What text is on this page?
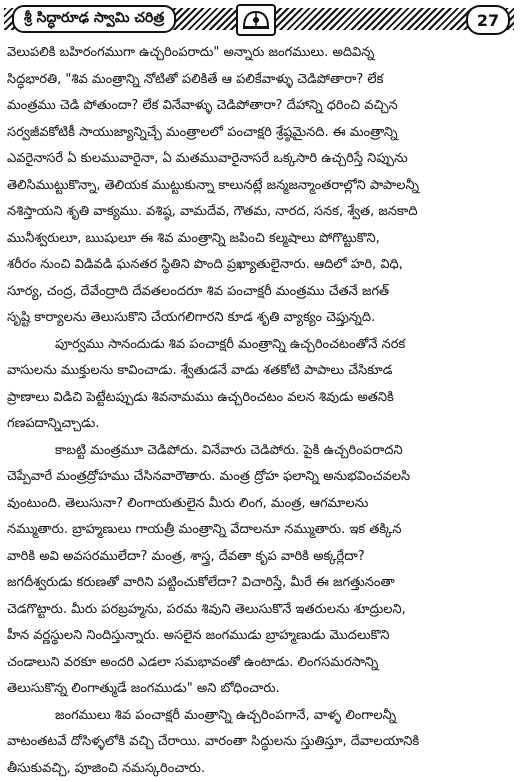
శ్రీ సిద్ధారూఢ స్వామి చరిత్ర	27
వెలుపలికి బహిరంగముగా ఉచ్చరింపరాదు" అన్నారు జంగములు. అదివిన్న
సిద్ధభారతి, "శివ మంత్రాన్ని నోటితో పలికితే ఆ పలికేవాళ్ళు చెడిపోతారా? లేక
మంత్రము చెడి పోతుందా? లేక వినేవాళ్ళు చెడిపోతారా? దేహాన్ని ధరించి వచ్చిన
సర్వజీవకోటికీ సాయుజ్యాన్నిచ్చే మంత్రాలలో పంచాక్షరి శ్రేష్ఠమైనది. ఈ మంత్రాన్ని
ఎవరైనాసరే ఏ కులమువారైనా, ఏ మతమువారైనాసరే ఒక్కసారి ఉచ్చరిస్తే నిప్పును
తెలిసిముట్టుకొన్నా, తెలియక ముట్టుకున్నా కాలునట్లే జన్మజన్మాంతరాల్లోని పాపాలన్నీ
నశిస్తాయని శృతి వాక్యము. వశిష్ఠ, వామదేవ, గౌతమ, నారద, సనక, శ్వేత, జనకాది
మునీశ్వరులూ, ఋషులూ ఈ శివ మంత్రాన్ని జపించి కల్మషాలు పోగొట్టుకొని,
శరీరం నుంచి విడివడి ఘనతర స్థితిని పొంది ప్రఖ్యాతులైనారు. ఆదిలో హరి, విధి,
సూర్య, చంద్ర, దేవేంద్రాది దేవతలందరూ శివ పంచాక్షరీ మంత్రము చేతనే జగత్
సృష్టి కార్యాలను తెలుసుకొని చేయగలిగారని కూడ శృతి వ్యాక్యం చెప్తున్నది.
పూర్వము సానందుడు శివ పంచాక్షరీ మంత్రాన్ని ఉచ్చరించటంతోనే నరక
వాసులను ముక్తులను కావించాడు. శ్వేతుడనే వాడు శతకోటి పాపాలు చేసికూడ
ప్రాణాలు విడిచి పెట్టేటప్పుడు శివనామము ఉచ్చరించటం వలన శివుడు అతనికి
గణపదాన్నిచ్చాడు.
కాబట్టి మంత్రమూ చెడిపోదు. వినేవారు చెడిపోరు. పైకి ఉచ్చరింపరాదని
చెప్పేవారే మంత్రద్రోహము చేసినవారౌతారు. మంత్ర ద్రోహ ఫలాన్ని అనుభవించవలసి
వుంటుంది. తెలుసునా? లింగాయతులైన మీరు లింగ, మంత్ర, ఆగమాలను
నమ్ముతారు. బ్రాహ్మణులు గాయత్రీ మంత్రాన్ని వేదాలనూ నమ్ముతారు. ఇక తక్కిన
వారికి అవి అవసరములేదా? మంత్ర, శాస్త్ర, దేవతా కృప వారికి అక్కర్లేదా?
జగదీశ్వరుడు కరుణతో వారిని పట్టించుకోలేదా? విచారిస్తే, మీరే ఈ జగత్తునంతా
చెడగొట్టారు. మీరు పరబ్రహ్మను, పరమ శివుని తెలుసుకొనే ఇతరులను శూద్రులని,
హీన వర్ణస్థులని నిందిస్తున్నారు. అసలైన జంగముడు బ్రాహ్మణుడు మొదలుకొని
చండాలుని వరకూ అందరి ఎడలా సమభావంతో ఉంటాడు. లింగసమరసాన్ని
తెలుసుకొన్న లింగాత్ముడే జంగముడు" అని బోధించారు.
జంగములు శివ పంచాక్షరీ మంత్రాన్ని ఉచ్చరింపగానే, వాళ్ళ లింగాలన్నీ
వాటంతటవే దోసిళ్ళలోకి వచ్చి చేరాయి. వారంతా సిద్ధులను స్తుతిస్తూ, దేవాలయానికి
తీసుకువచ్చి, పూజించి నమస్కరించారు.
